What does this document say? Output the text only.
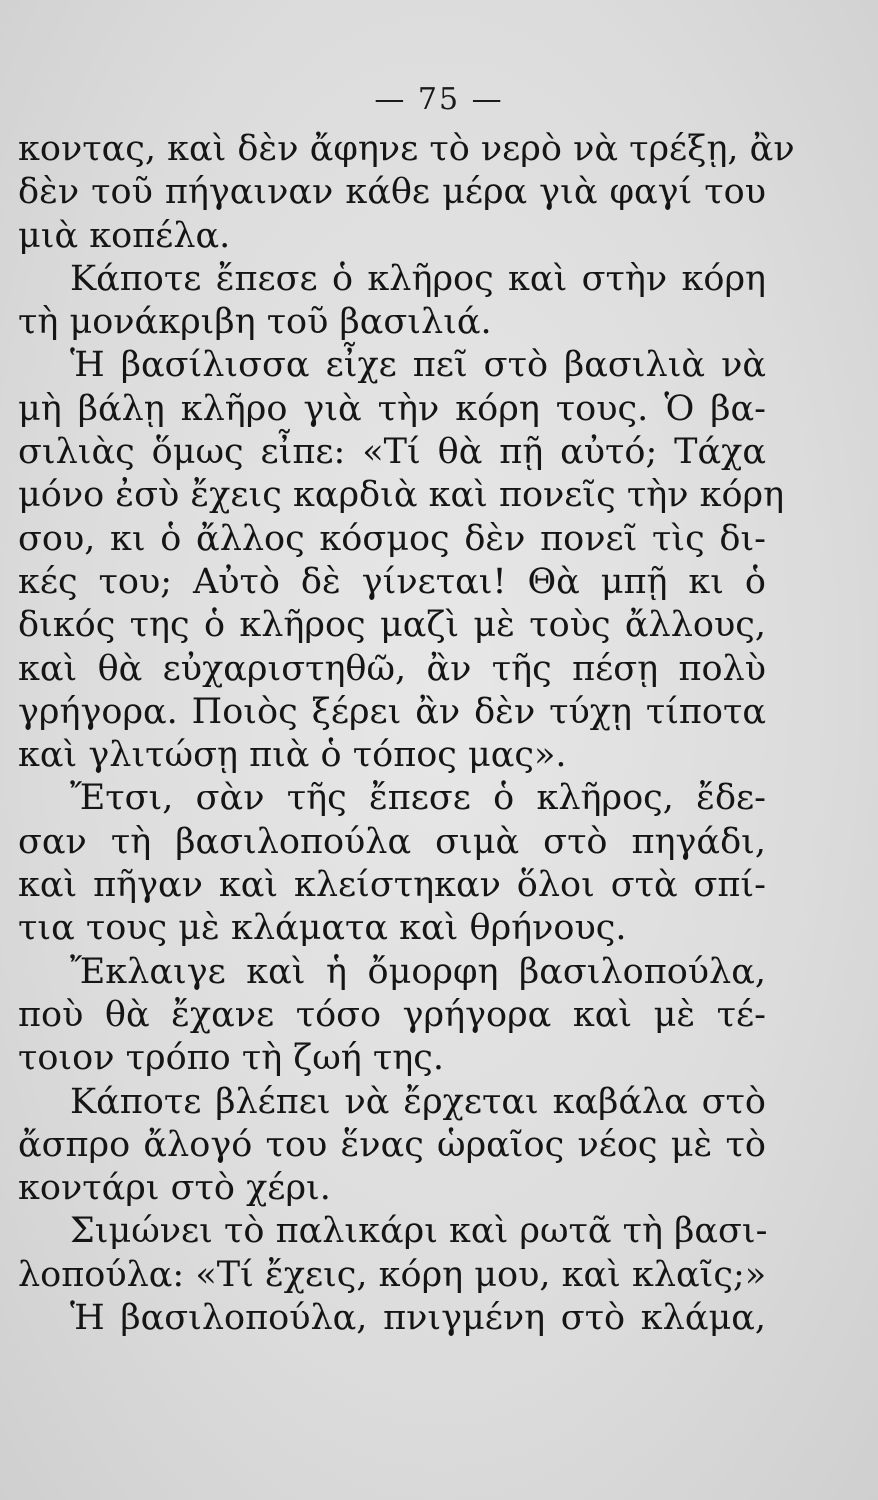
— 75 —
κοντας, καὶ δὲν ἄφηνε τὸ νερὸ νὰ τρέξῃ, ἂν
δὲν τοῦ πήγαιναν κάθε μέρα γιὰ φαγί του
μιὰ κοπέλα.
Κάποτε ἔπεσε ὁ κλῆρος καὶ στὴν κόρη
τὴ μονάκριβη τοῦ βασιλιά.
Ἡ βασίλισσα εἶχε πεῖ στὸ βασιλιὰ νὰ
μὴ βάλῃ κλῆρο γιὰ τὴν κόρη τους. Ὁ βα-
σιλιὰς ὅμως εἶπε: «Τί θὰ πῇ αὐτό; Τάχα
μόνο ἐσὺ ἔχεις καρδιὰ καὶ πονεῖς τὴν κόρη
σου, κι ὁ ἄλλος κόσμος δὲν πονεῖ τὶς δι-
κές του; Αὐτὸ δὲ γίνεται! Θὰ μπῇ κι ὁ
δικός της ὁ κλῆρος μαζὶ μὲ τοὺς ἄλλους,
καὶ θὰ εὐχαριστηθῶ, ἂν τῆς πέσῃ πολὺ
γρήγορα. Ποιὸς ξέρει ἂν δὲν τύχῃ τίποτα
καὶ γλιτώσῃ πιὰ ὁ τόπος μας».
Ἔτσι, σὰν τῆς ἔπεσε ὁ κλῆρος, ἔδε-
σαν τὴ βασιλοπούλα σιμὰ στὸ πηγάδι,
καὶ πῆγαν καὶ κλείστηκαν ὅλοι στὰ σπί-
τια τους μὲ κλάματα καὶ θρήνους.
Ἔκλαιγε καὶ ἡ ὄμορφη βασιλοπούλα,
ποὺ θὰ ἔχανε τόσο γρήγορα καὶ μὲ τέ-
τοιον τρόπο τὴ ζωή της.
Κάποτε βλέπει νὰ ἔρχεται καβάλα στὸ
ἄσπρο ἄλογό του ἕνας ὡραῖος νέος μὲ τὸ
κοντάρι στὸ χέρι.
Σιμώνει τὸ παλικάρι καὶ ρωτᾶ τὴ βασι-
λοπούλα: «Τί ἔχεις, κόρη μου, καὶ κλαῖς;»
Ἡ βασιλοπούλα, πνιγμένη στὸ κλάμα,
